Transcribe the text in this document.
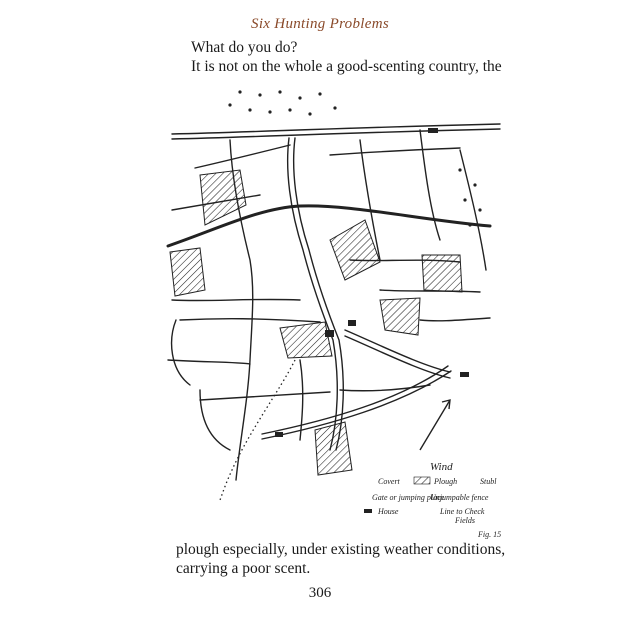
Six Hunting Problems
What do you do?
It is not on the whole a good-scenting country, the
Wind
Covert	Plough	Stubl
Gate or jumping place
Unjumpable fence
House	Line to Check
Fields
Fig. 15
plough especially, under existing weather conditions,
carrying a poor scent.
306
